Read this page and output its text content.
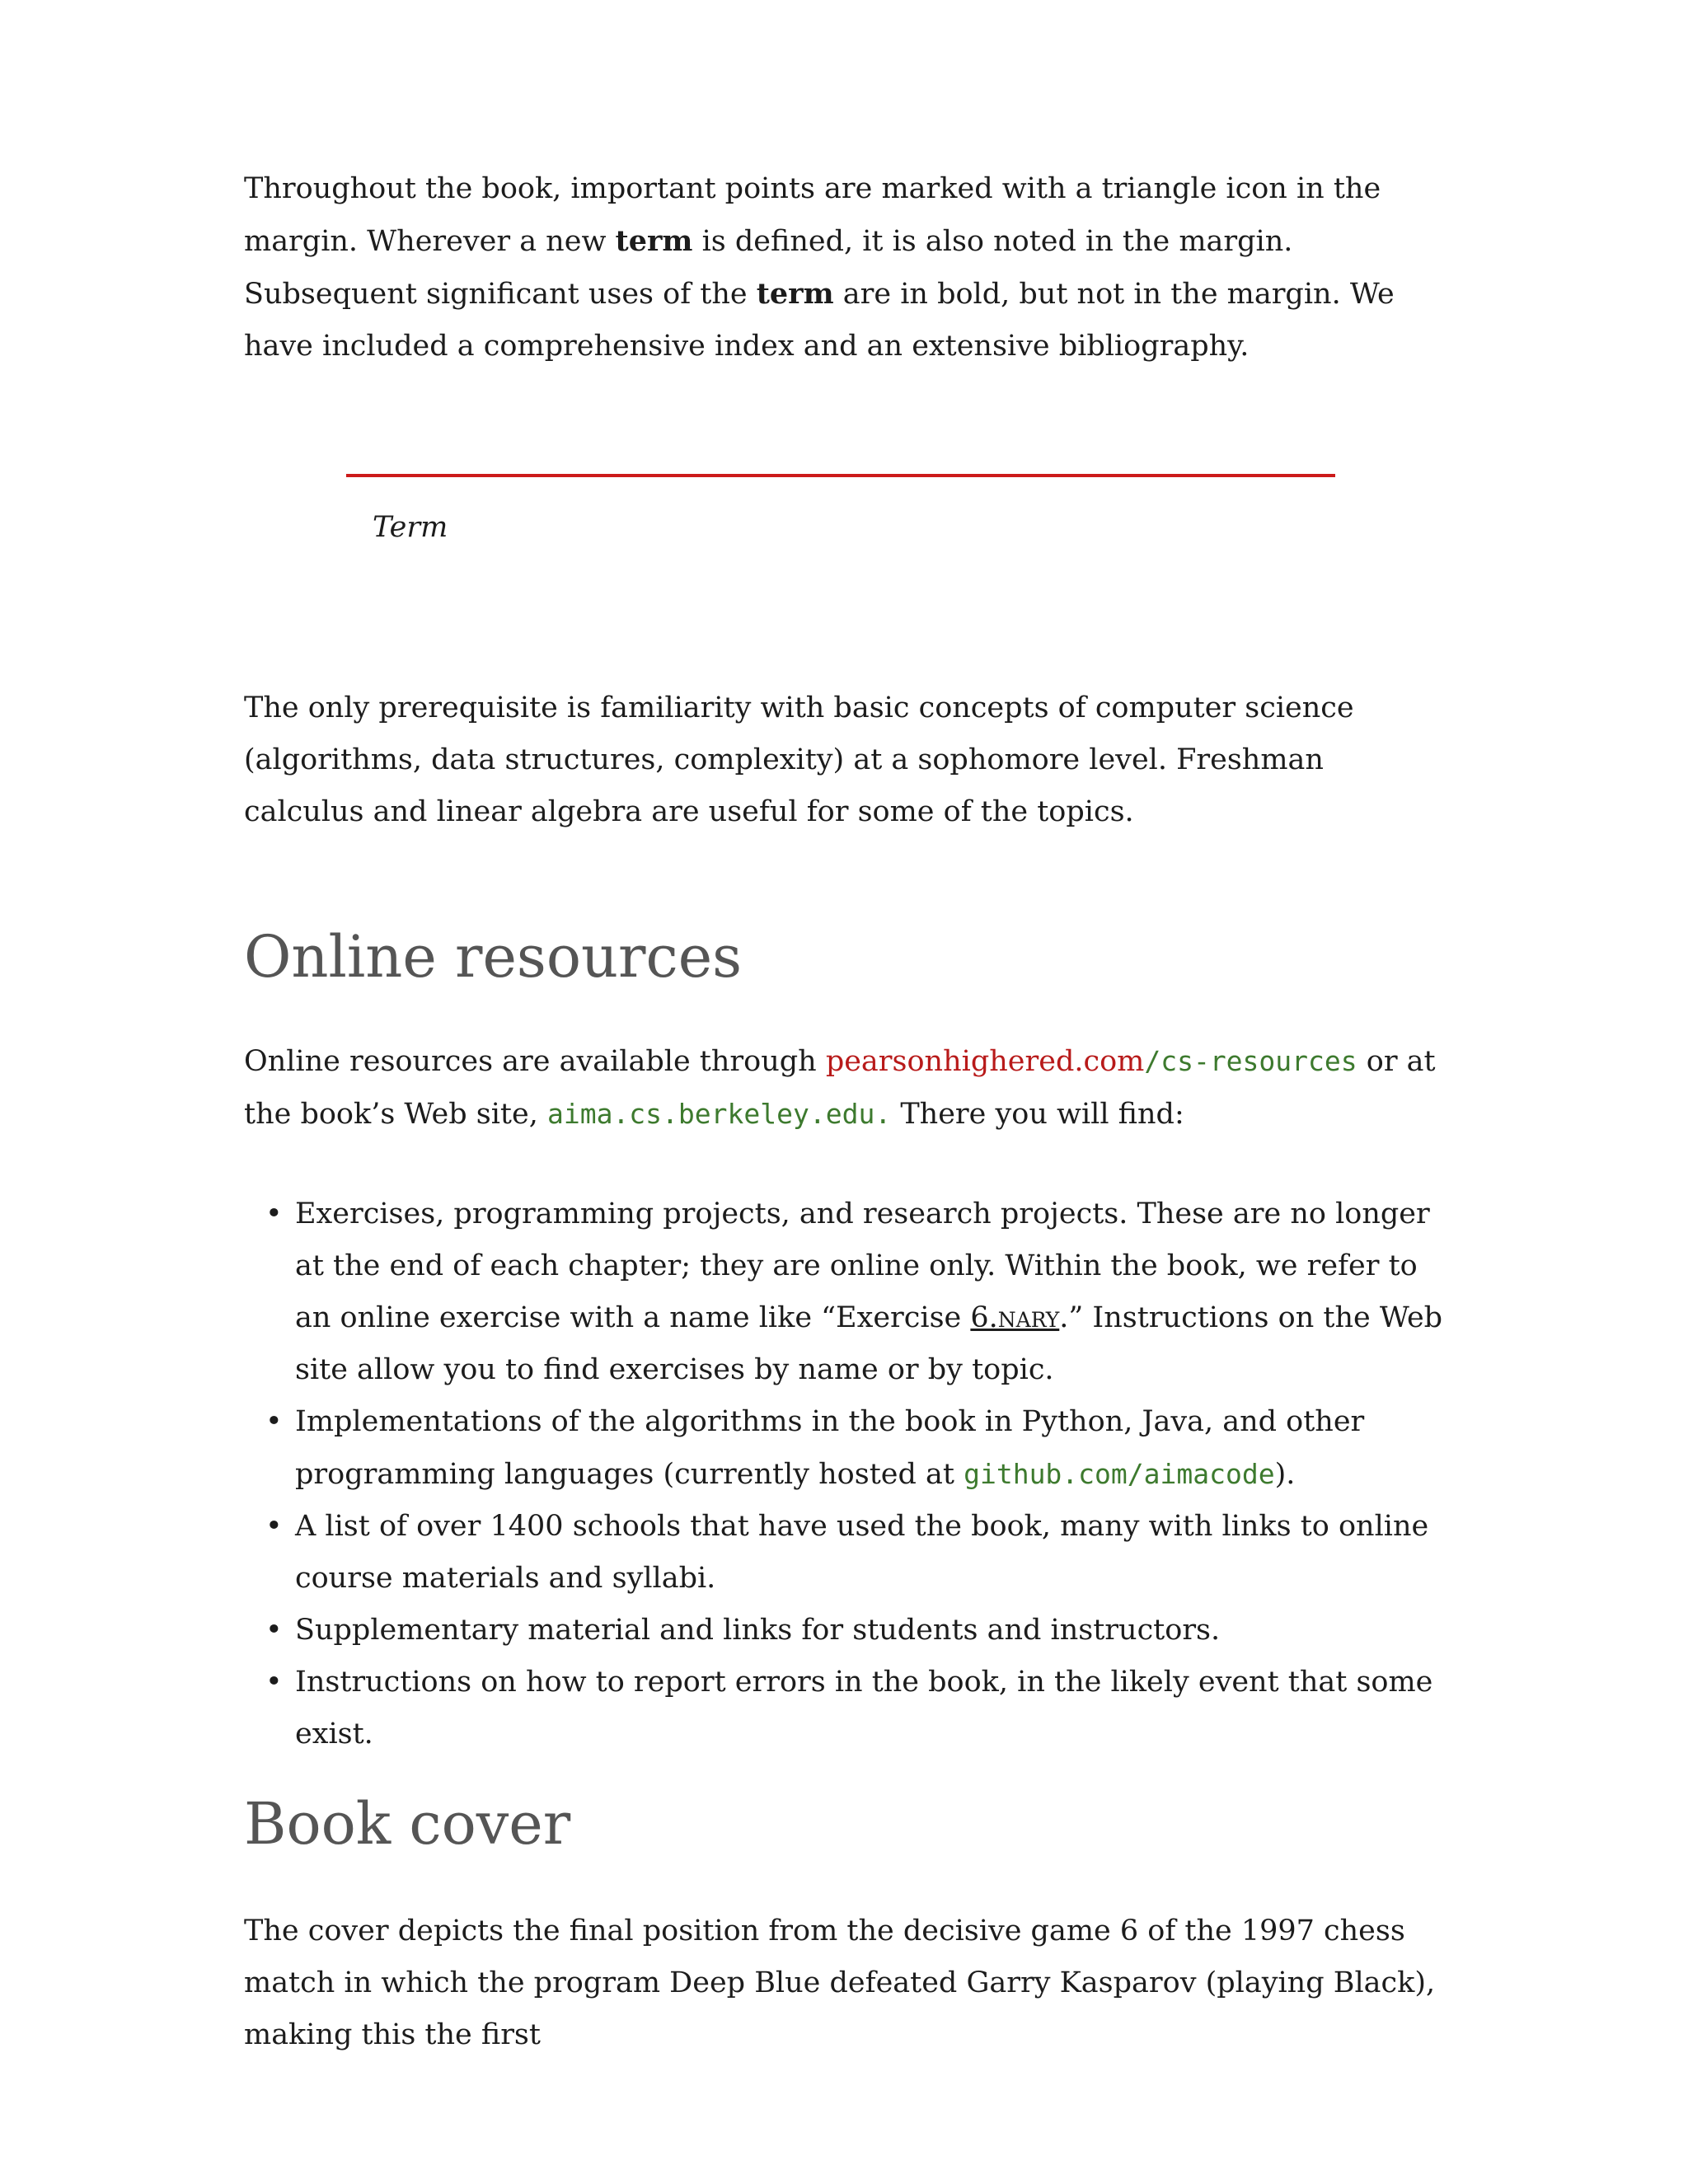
Throughout the book, important points are marked with a triangle icon in the margin. Wherever a new term is defined, it is also noted in the margin. Subsequent significant uses of the term are in bold, but not in the margin. We have included a comprehensive index and an extensive bibliography.

Term

The only prerequisite is familiarity with basic concepts of computer science (algorithms, data structures, complexity) at a sophomore level. Freshman calculus and linear algebra are useful for some of the topics.

Online resources

Online resources are available through pearsonhighered.com/cs-resources or at the book’s Web site, aima.cs.berkeley.edu. There you will find:

• Exercises, programming projects, and research projects. These are no longer at the end of each chapter; they are online only. Within the book, we refer to an online exercise with a name like “Exercise 6.nary.” Instructions on the Web site allow you to find exercises by name or by topic.
• Implementations of the algorithms in the book in Python, Java, and other programming languages (currently hosted at github.com/aimacode).
• A list of over 1400 schools that have used the book, many with links to online course materials and syllabi.
• Supplementary material and links for students and instructors.
• Instructions on how to report errors in the book, in the likely event that some exist.
Book cover

The cover depicts the final position from the decisive game 6 of the 1997 chess match in which the program Deep Blue defeated Garry Kasparov (playing Black), making this the first
